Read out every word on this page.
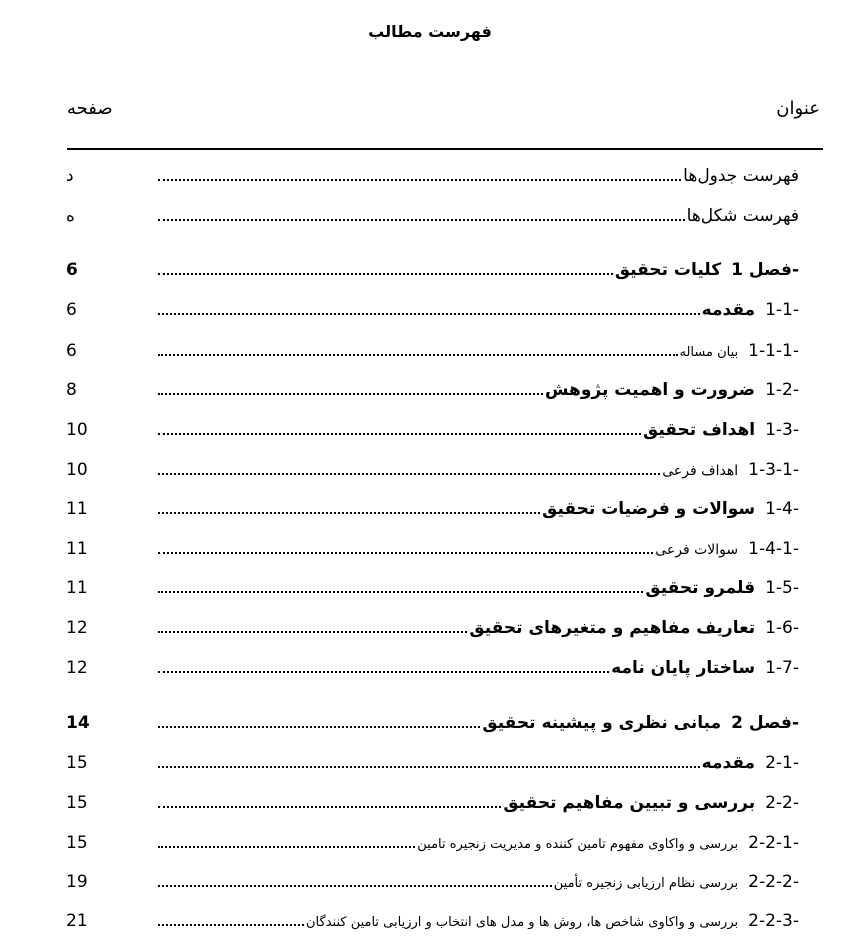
فهرست مطالب
عنوان
صفحه
د	فهرست جدول‌ها
ه	فهرست شکل‌ها
6	فصل 1-کلیات تحقیق
6	1-1-مقدمه
6	1-1-1-بیان مساله
8	1-2-ضرورت و اهمیت پژوهش
10	1-3-اهداف تحقیق
10	1-3-1-اهداف فرعی
11	1-4-سوالات و فرضیات تحقیق
11	1-4-1-سوالات فرعی
11	1-5-قلمرو تحقیق
12	1-6-تعاریف مفاهیم و متغیرهای تحقیق
12	1-7-ساختار پایان نامه
14	فصل 2-مبانی نظری و پیشینه تحقیق
15	2-1-مقدمه
15	2-2-بررسی و تبیین مفاهیم تحقیق
15	2-2-1-بررسی و واکاوی مفهوم تامین کننده و مدیریت زنجیره تامین
19	2-2-2-بررسی نظام ارزیابی زنجیره تأمین
21	2-2-3-بررسی و واکاوی شاخص ها، روش ها و مدل های انتخاب و ارزیابی تامین کنندگان
